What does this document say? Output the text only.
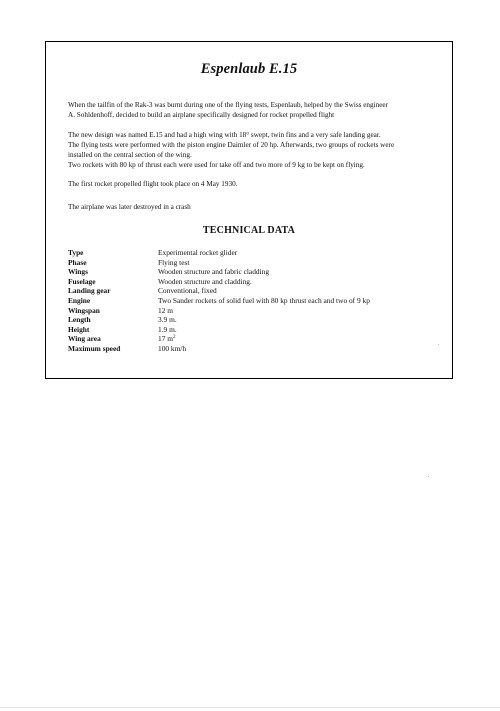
Espenlaub E.15
When the tailfin of the Rak-3 was burnt during one of the flying tests, Espenlaub, helped by the Swiss engineer
A. Sohldenhoff, decided to build an airplane specifically designed for rocket propelled flight
The new design was named E.15 and had a high wing with 18° swept, twin fins and a very safe landing gear.
The flying tests were performed with the piston engine Daimler of 20 hp. Afterwards, two groups of rockets were
installed on the central section of the wing.
Two rockets with 80 kp of thrust each were used for take off and two more of 9 kg to be kept on flying.
The first rocket propelled flight took place on 4 May 1930.
The airplane was later destroyed in a crash
TECHNICAL DATA
Type	Experimental rocket glider
Phase	Flying test
Wings	Wooden structure and fabric cladding
Fuselage	Wooden structure and cladding.
Landing gear	Conventional, fixed
Engine	Two Sander rockets of solid fuel with 80 kp thrust each and two of 9 kp
Wingspan	12 m
Length	3.9 m.
Height	1.9 m.
Wing area	17 $m^2$
Maximum speed	100 km/h
